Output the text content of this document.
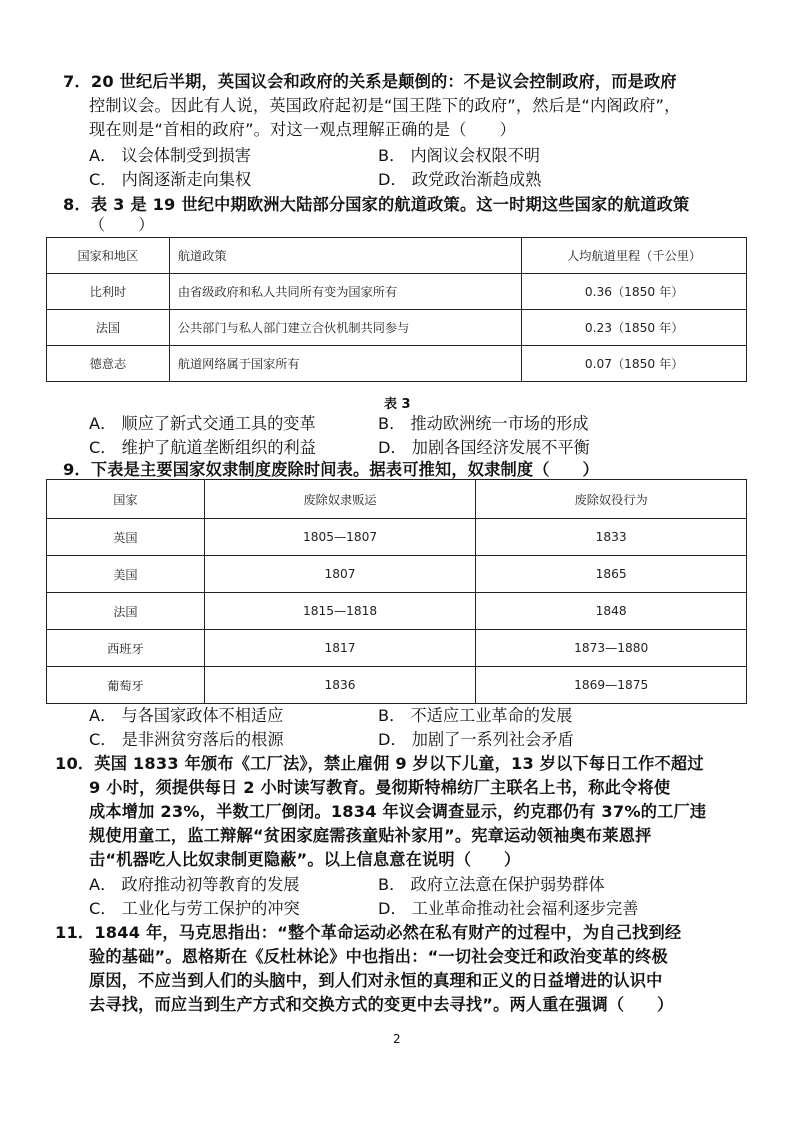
7．20 世纪后半期，英国议会和政府的关系是颠倒的：不是议会控制政府，而是政府
控制议会。因此有人说，英国政府起初是“国王陛下的政府”，然后是“内阁政府”，
现在则是“首相的政府”。对这一观点理解正确的是（　　）
A． 议会体制受到损害	B． 内阁议会权限不明
C． 内阁逐渐走向集权	D． 政党政治渐趋成熟
8．表 3 是 19 世纪中期欧洲大陆部分国家的航道政策。这一时期这些国家的航道政策
（　　）
国家和地区	航道政策	人均航道里程（千公里）
比利时	由省级政府和私人共同所有变为国家所有	0.36（1850 年）
法国	公共部门与私人部门建立合伙机制共同参与	0.23（1850 年）
德意志	航道网络属于国家所有	0.07（1850 年）
表 3
A． 顺应了新式交通工具的变革	B． 推动欧洲统一市场的形成
C． 维护了航道垄断组织的利益	D． 加剧各国经济发展不平衡
9．下表是主要国家奴隶制度废除时间表。据表可推知，奴隶制度（　　）
国家	废除奴隶贩运	废除奴役行为
英国	1805—1807	1833
美国	1807	1865
法国	1815—1818	1848
西班牙	1817	1873—1880
葡萄牙	1836	1869—1875
A． 与各国家政体不相适应	B． 不适应工业革命的发展
C． 是非洲贫穷落后的根源	D． 加剧了一系列社会矛盾
10．英国 1833 年颁布《工厂法》，禁止雇佣 9 岁以下儿童，13 岁以下每日工作不超过
9 小时，须提供每日 2 小时读写教育。曼彻斯特棉纺厂主联名上书，称此令将使
成本增加 23%，半数工厂倒闭。1834 年议会调查显示，约克郡仍有 37%的工厂违
规使用童工，监工辩解“贫困家庭需孩童贴补家用”。宪章运动领袖奥布莱恩抨
击“机器吃人比奴隶制更隐蔽”。以上信息意在说明（　　）
A． 政府推动初等教育的发展	B． 政府立法意在保护弱势群体
C． 工业化与劳工保护的冲突	D． 工业革命推动社会福利逐步完善
11．1844 年，马克思指出：“整个革命运动必然在私有财产的过程中，为自己找到经
验的基础”。恩格斯在《反杜林论》中也指出：“一切社会变迁和政治变革的终极
原因，不应当到人们的头脑中，到人们对永恒的真理和正义的日益增进的认识中
去寻找，而应当到生产方式和交换方式的变更中去寻找”。两人重在强调（　　）
2
